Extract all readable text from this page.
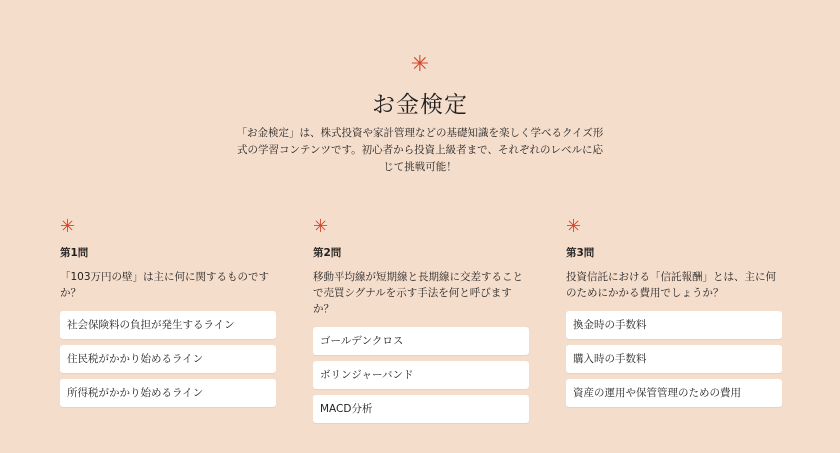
✳
お金検定

「お金検定」は、株式投資や家計管理などの基礎知識を楽しく学べるクイズ形式の学習コンテンツです。初心者から投資上級者まで、それぞれのレベルに応じて挑戦可能！

✳
第1問
「103万円の壁」は主に何に関するものですか？
社会保険料の負担が発生するライン
住民税がかかり始めるライン
所得税がかかり始めるライン
✳
第2問
移動平均線が短期線と長期線に交差することで売買シグナルを示す手法を何と呼びますか？
ゴールデンクロス
ボリンジャーバンド
MACD分析
✳
第3問
投資信託における「信託報酬」とは、主に何のためにかかる費用でしょうか？
換金時の手数料
購入時の手数料
資産の運用や保管管理のための費用
